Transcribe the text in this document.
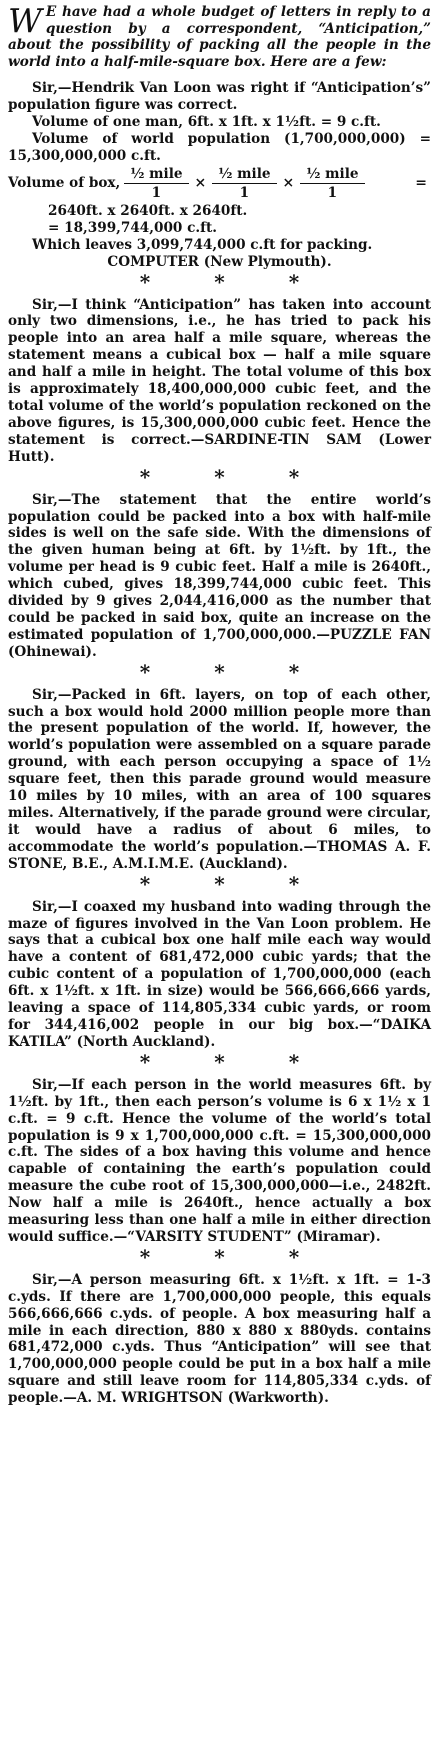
W E have had a whole budget of letters in reply to a question by a correspondent, “Anticipation,” about the possibility of packing all the people in the world into a half-mile-square box. Here are a few:

Sir,—Hendrik Van Loon was right if “Anticipation’s” population figure was correct.

Volume of one man, 6ft. x 1ft. x 1½ft. = 9 c.ft.

Volume of world population (1,700,000,000) = 15,300,000,000 c.ft.

Volume of box, $\frac{\text{½ mile}}{1} \times \frac{\text{½ mile}}{1} \times \frac{\text{½ mile}}{1}$	=

2640ft. x 2640ft. x 2640ft.

= 18,399,744,000 c.ft.

Which leaves 3,099,744,000 c.ft for packing.

COMPUTER (New Plymouth).

*	*	*

Sir,—I think “Anticipation” has taken into account only two dimensions, i.e., he has tried to pack his people into an area half a mile square, whereas the statement means a cubical box — half a mile square and half a mile in height. The total volume of this box is approximately 18,400,000,000 cubic feet, and the total volume of the world’s population reckoned on the above figures, is 15,300,000,000 cubic feet. Hence the statement is correct.—SARDINE-TIN SAM (Lower Hutt).

*	*	*

Sir,—The statement that the entire world’s population could be packed into a box with half-mile sides is well on the safe side. With the dimensions of the given human being at 6ft. by 1½ft. by 1ft., the volume per head is 9 cubic feet. Half a mile is 2640ft., which cubed, gives 18,399,744,000 cubic feet. This divided by 9 gives 2,044,416,000 as the number that could be packed in said box, quite an increase on the estimated population of 1,700,000,000.—PUZZLE FAN (Ohinewai).

*	*	*

Sir,—Packed in 6ft. layers, on top of each other, such a box would hold 2000 million people more than the present population of the world. If, however, the world’s population were assembled on a square parade ground, with each person occupying a space of 1½ square feet, then this parade ground would measure 10 miles by 10 miles, with an area of 100 squares miles. Alternatively, if the parade ground were circular, it would have a radius of about 6 miles, to accommodate the world’s population.—THOMAS A. F. STONE, B.E., A.M.I.M.E. (Auckland).

*	*	*

Sir,—I coaxed my husband into wading through the maze of figures involved in the Van Loon problem. He says that a cubical box one half mile each way would have a content of 681,472,000 cubic yards; that the cubic content of a population of 1,700,000,000 (each 6ft. x 1½ft. x 1ft. in size) would be 566,666,666 yards, leaving a space of 114,805,334 cubic yards, or room for 344,416,002 people in our big box.—“DAIKA KATILA” (North Auckland).

*	*	*

Sir,—If each person in the world measures 6ft. by 1½ft. by 1ft., then each person’s volume is 6 x 1½ x 1 c.ft. = 9 c.ft. Hence the volume of the world’s total population is 9 x 1,700,000,000 c.ft. = 15,300,000,000 c.ft. The sides of a box having this volume and hence capable of containing the earth’s population could measure the cube root of 15,300,000,000—i.e., 2482ft. Now half a mile is 2640ft., hence actually a box measuring less than one half a mile in either direction would suffice.—“VARSITY STUDENT” (Miramar).

*	*	*

Sir,—A person measuring 6ft. x 1½ft. x 1ft. = 1-3 c.yds. If there are 1,700,000,000 people, this equals 566,666,666 c.yds. of people. A box measuring half a mile in each direction, 880 x 880 x 880yds. contains 681,472,000 c.yds. Thus “Anticipation” will see that 1,700,000,000 people could be put in a box half a mile square and still leave room for 114,805,334 c.yds. of people.—A. M. WRIGHTSON (Warkworth).
